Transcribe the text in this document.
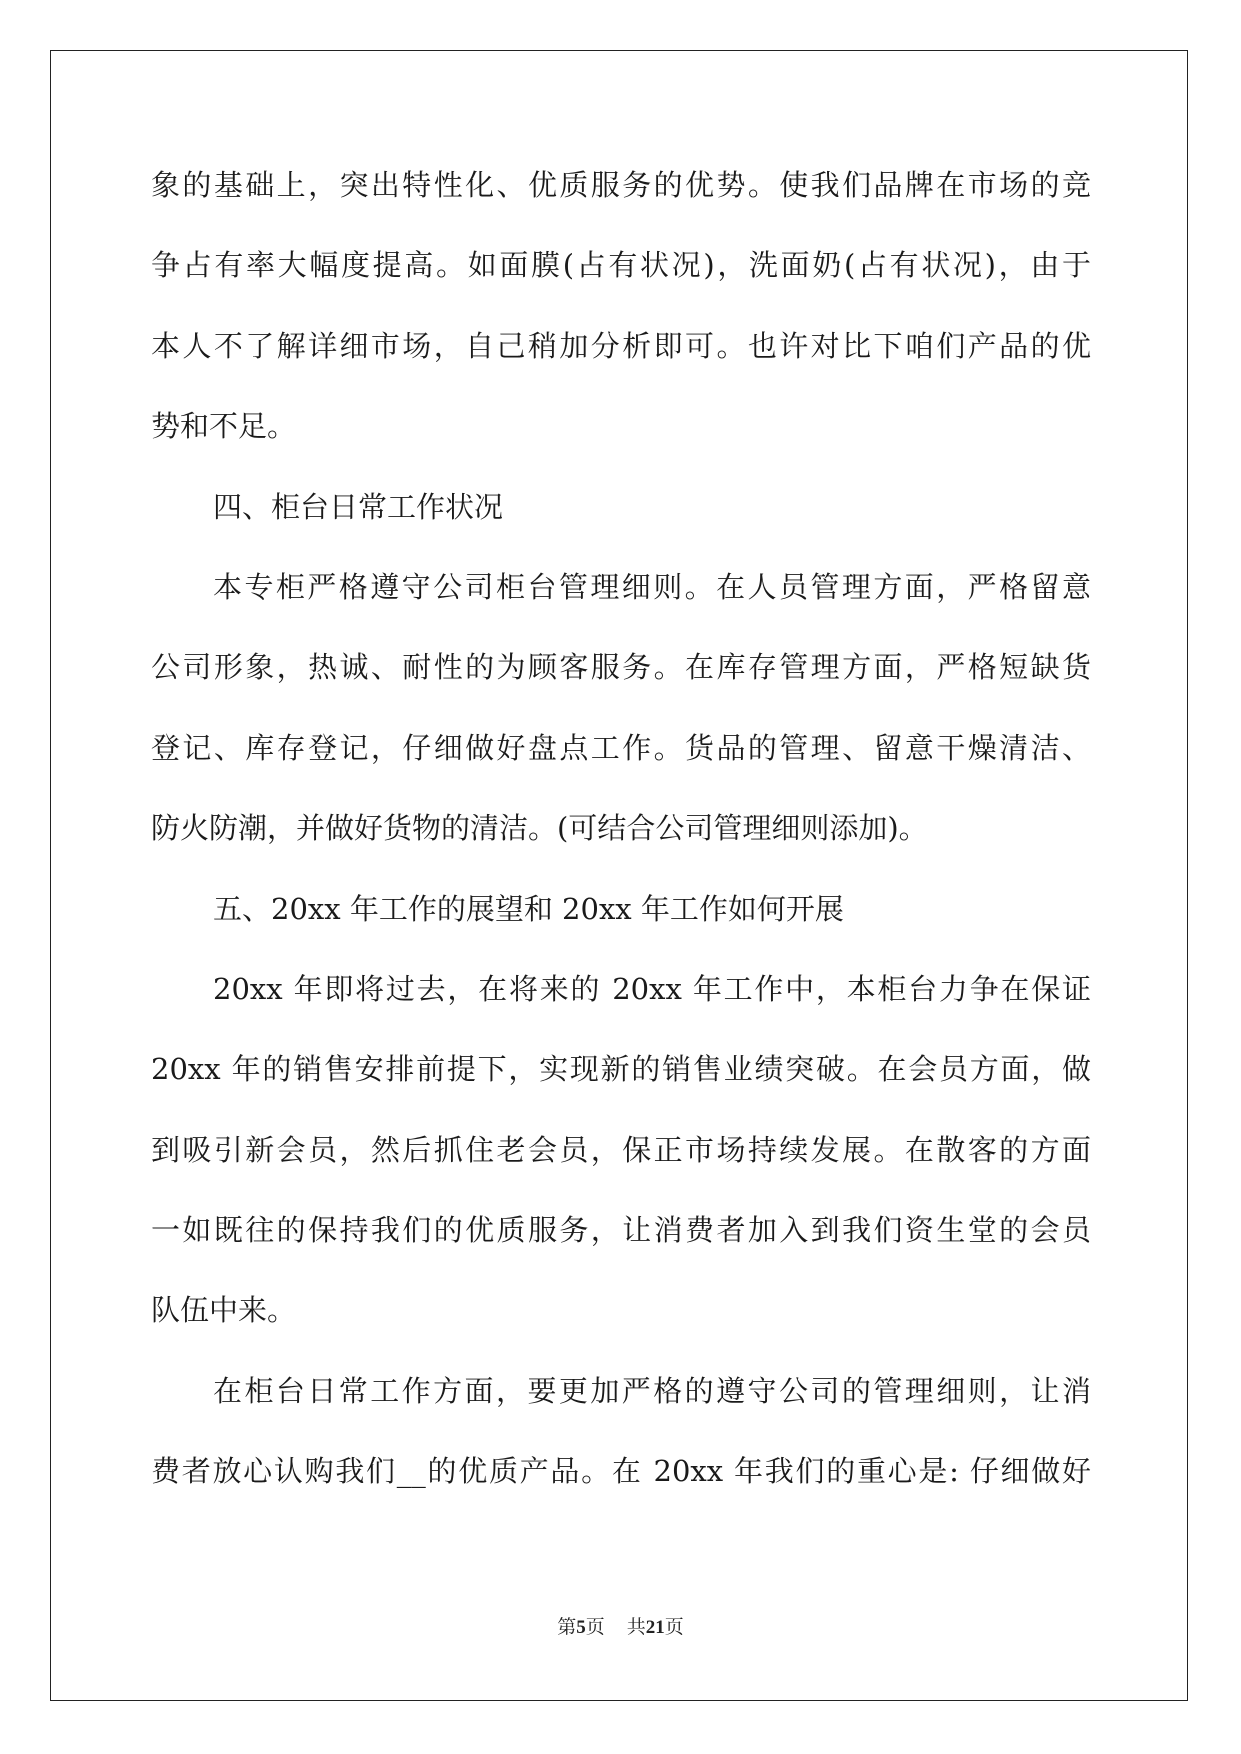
象的基础上，突出特性化、优质服务的优势。使我们品牌在市场的竞
争占有率大幅度提高。如面膜(占有状况)，洗面奶(占有状况)，由于
本人不了解详细市场，自己稍加分析即可。也许对比下咱们产品的优
势和不足。
四、柜台日常工作状况
本专柜严格遵守公司柜台管理细则。在人员管理方面，严格留意
公司形象，热诚、耐性的为顾客服务。在库存管理方面，严格短缺货
登记、库存登记，仔细做好盘点工作。货品的管理、留意干燥清洁、
防火防潮，并做好货物的清洁。(可结合公司管理细则添加)。
五、20xx 年工作的展望和 20xx 年工作如何开展
20xx 年即将过去，在将来的 20xx 年工作中，本柜台力争在保证
20xx 年的销售安排前提下，实现新的销售业绩突破。在会员方面，做
到吸引新会员，然后抓住老会员，保正市场持续发展。在散客的方面
一如既往的保持我们的优质服务，让消费者加入到我们资生堂的会员
队伍中来。
在柜台日常工作方面，要更加严格的遵守公司的管理细则，让消
费者放心认购我们__的优质产品。在 20xx 年我们的重心是: 仔细做好
第5页 共21页
